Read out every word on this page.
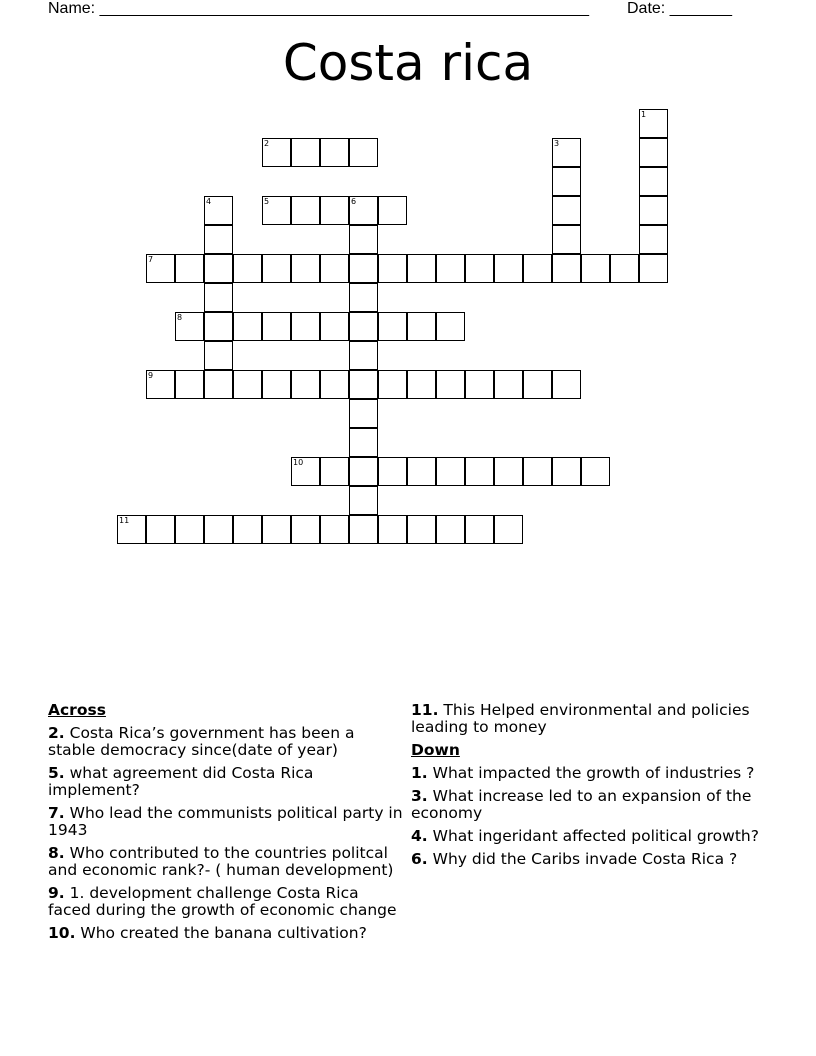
Name: _______________________________________________________ Date: _______
Costa rica
2
5	6
7
8
9
10
11
1
3
4
Across
2. Costa Rica’s government has been a stable democracy since(date of year)
5. what agreement did Costa Rica implement?
7. Who lead the communists political party in 1943
8. Who contributed to the countries politcal and economic rank?- ( human development)
9. 1. development challenge Costa Rica faced during the growth of economic change
10. Who created the banana cultivation?
11. This Helped environmental and policies leading to money
Down
1. What impacted the growth of industries ?
3. What increase led to an expansion of the economy
4. What ingeridant affected political growth?
6. Why did the Caribs invade Costa Rica ?
